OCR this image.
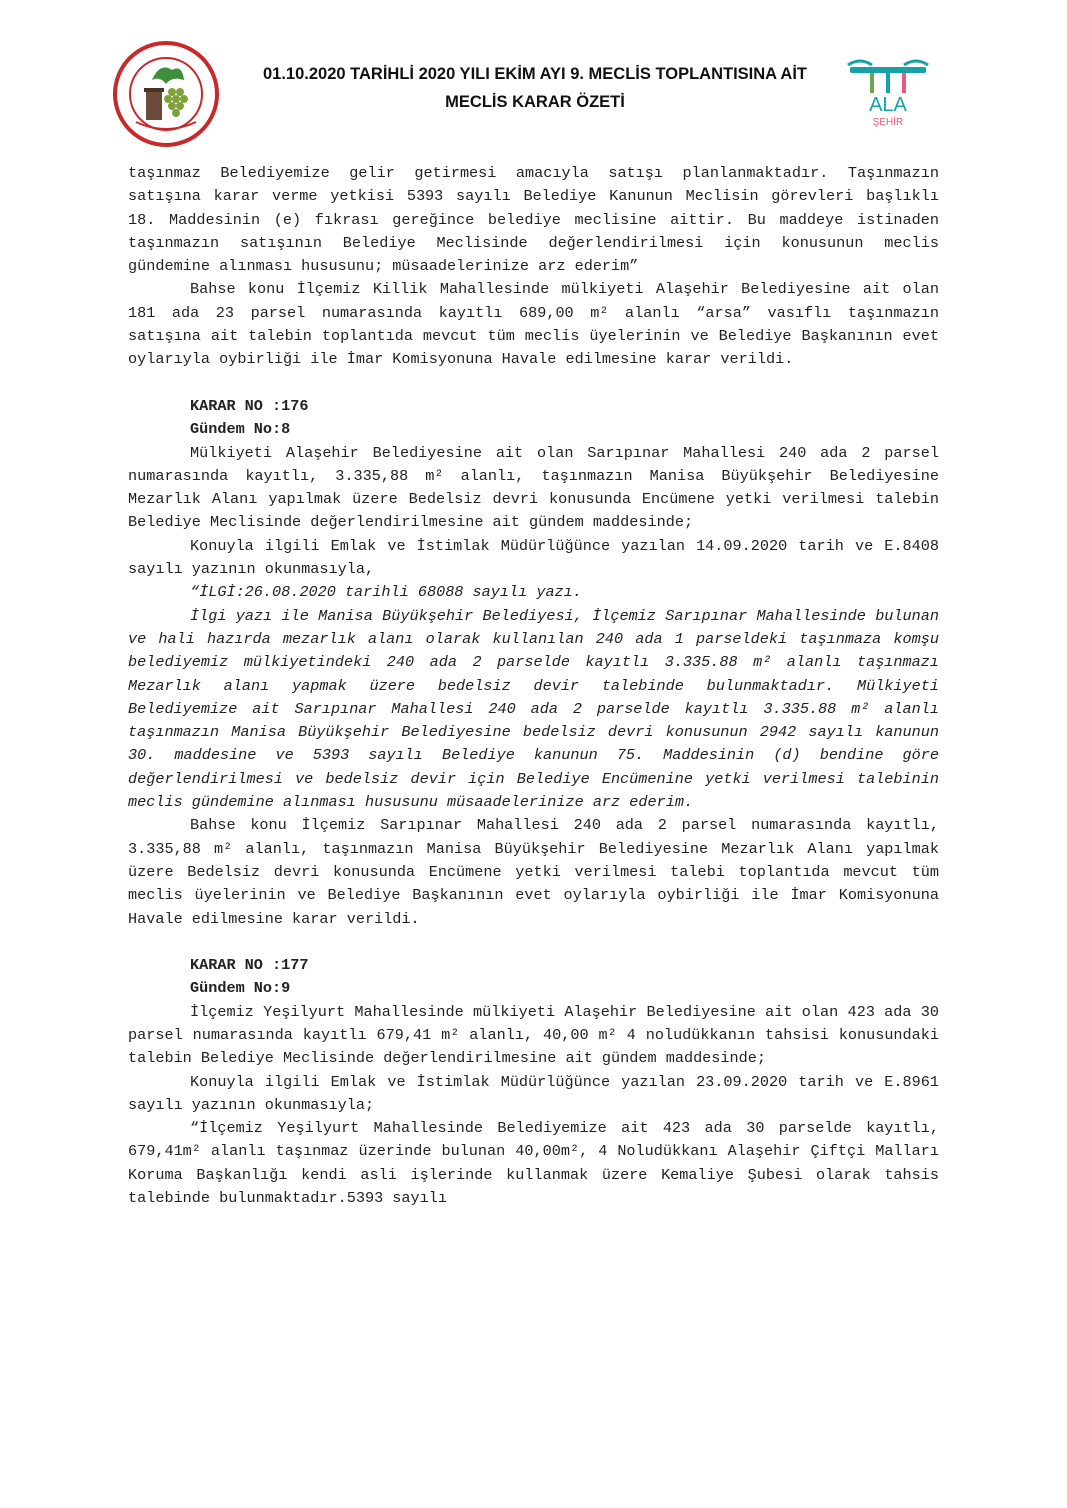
01.10.2020 TARİHLİ 2020 YILI EKİM AYI 9. MECLİS TOPLANTISINA AİT
MECLİS KARAR ÖZETİ	ALA
ŞEHİR

taşınmaz Belediyemize gelir getirmesi amacıyla satışı planlanmaktadır. Taşınmazın satışına karar verme yetkisi 5393 sayılı Belediye Kanunun Meclisin görevleri başlıklı 18. Maddesinin (e) fıkrası gereğince belediye meclisine aittir. Bu maddeye istinaden taşınmazın satışının Belediye Meclisinde değerlendirilmesi için konusunun meclis gündemine alınması hususunu; müsaadelerinize arz ederim”

Bahse konu İlçemiz Killik Mahallesinde mülkiyeti Alaşehir Belediyesine ait olan 181 ada 23 parsel numarasında kayıtlı 689,00 m² alanlı “arsa” vasıflı taşınmazın satışına ait talebin toplantıda mevcut tüm meclis üyelerinin ve Belediye Başkanının evet oylarıyla oybirliği ile İmar Komisyonuna Havale edilmesine karar verildi.

KARAR NO :176
Gündem No:8

Mülkiyeti Alaşehir Belediyesine ait olan Sarıpınar Mahallesi 240 ada 2 parsel numarasında kayıtlı, 3.335,88 m² alanlı, taşınmazın Manisa Büyükşehir Belediyesine Mezarlık Alanı yapılmak üzere Bedelsiz devri konusunda Encümene yetki verilmesi talebin Belediye Meclisinde değerlendirilmesine ait gündem maddesinde;

Konuyla ilgili Emlak ve İstimlak Müdürlüğünce yazılan 14.09.2020 tarih ve E.8408 sayılı yazının okunmasıyla,

“İLGİ:26.08.2020 tarihli 68088 sayılı yazı.

İlgi yazı ile Manisa Büyükşehir Belediyesi, İlçemiz Sarıpınar Mahallesinde bulunan ve hali hazırda mezarlık alanı olarak kullanılan 240 ada 1 parseldeki taşınmaza komşu belediyemiz mülkiyetindeki 240 ada 2 parselde kayıtlı 3.335.88 m² alanlı taşınmazı Mezarlık alanı yapmak üzere bedelsiz devir talebinde bulunmaktadır. Mülkiyeti Belediyemize ait Sarıpınar Mahallesi 240 ada 2 parselde kayıtlı 3.335.88 m² alanlı taşınmazın Manisa Büyükşehir Belediyesine bedelsiz devri konusunun 2942 sayılı kanunun 30. maddesine ve 5393 sayılı Belediye kanunun 75. Maddesinin (d) bendine göre değerlendirilmesi ve bedelsiz devir için Belediye Encümenine yetki verilmesi talebinin meclis gündemine alınması hususunu müsaadelerinize arz ederim.

Bahse konu İlçemiz Sarıpınar Mahallesi 240 ada 2 parsel numarasında kayıtlı, 3.335,88 m² alanlı, taşınmazın Manisa Büyükşehir Belediyesine Mezarlık Alanı yapılmak üzere Bedelsiz devri konusunda Encümene yetki verilmesi talebi toplantıda mevcut tüm meclis üyelerinin ve Belediye Başkanının evet oylarıyla oybirliği ile İmar Komisyonuna Havale edilmesine karar verildi.

KARAR NO :177
Gündem No:9

İlçemiz Yeşilyurt Mahallesinde mülkiyeti Alaşehir Belediyesine ait olan 423 ada 30 parsel numarasında kayıtlı 679,41 m² alanlı, 40,00 m² 4 noludükkanın tahsisi konusundaki talebin Belediye Meclisinde değerlendirilmesine ait gündem maddesinde;

Konuyla ilgili Emlak ve İstimlak Müdürlüğünce yazılan 23.09.2020 tarih ve E.8961 sayılı yazının okunmasıyla;

“İlçemiz Yeşilyurt Mahallesinde Belediyemize ait 423 ada 30 parselde kayıtlı, 679,41m² alanlı taşınmaz üzerinde bulunan 40,00m², 4 Noludükkanı Alaşehir Çiftçi Malları Koruma Başkanlığı kendi asli işlerinde kullanmak üzere Kemaliye Şubesi olarak tahsis talebinde bulunmaktadır.5393 sayılı
